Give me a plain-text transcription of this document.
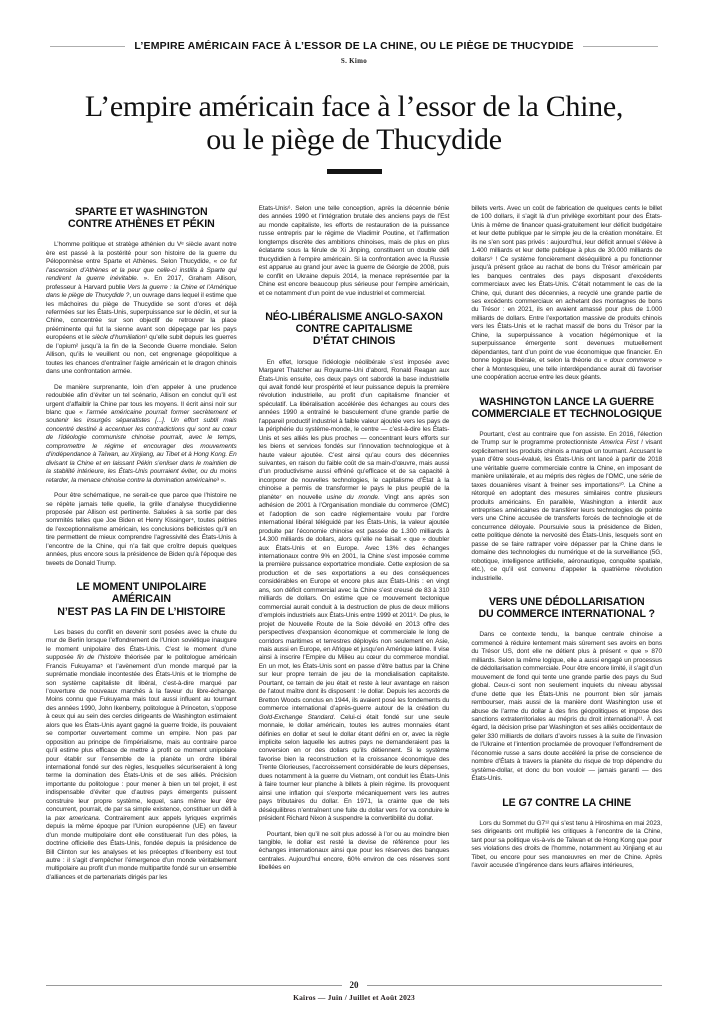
L’EMPIRE AMÉRICAIN FACE À L’ESSOR DE LA CHINE, OU LE PIÈGE DE THUCYDIDE
S. Kimo
L’empire américain face à l’essor de la Chine,
ou le piège de Thucydide
SPARTE ET WASHINGTON
CONTRE ATHÈNES ET PÉKIN

L’homme politique et stratège athénien du Vᵉ siècle avant notre ère est passé à la postérité pour son histoire de la guerre du Péloponnèse entre Sparte et Athènes. Selon Thucydide, « ce fut l’ascension d’Athènes et la peur que celle-ci instilla à Sparte qui rendirent la guerre inévitable. ». En 2017, Graham Allison, professeur à Harvard publie Vers la guerre : la Chine et l’Amérique dans le piège de Thucydide ?, un ouvrage dans lequel il estime que les mâchoires du piège de Thucydide se sont d’ores et déjà refermées sur les États-Unis, superpuissance sur le déclin, et sur la Chine, concentrée sur son objectif de retrouver la place prééminente qui fut la sienne avant son dépeçage par les pays européens et le siècle d’humiliation¹ qu’elle subit depuis les guerres de l’opium² jusqu’à la fin de la Seconde Guerre mondiale. Selon Allison, qu’ils le veuillent ou non, cet engrenage géopolitique a toutes les chances d’entraîner l’aigle américain et le dragon chinois dans une confrontation armée.

De manière surprenante, loin d’en appeler à une prudence redoublée afin d’éviter un tel scénario, Allison en conclut qu’il est urgent d’affaiblir la Chine par tous les moyens. Il écrit ainsi noir sur blanc que « l’armée américaine pourrait former secrètement et soutenir les insurgés séparatistes [...]. Un effort subtil mais concentré destiné à accentuer les contradictions qui sont au cœur de l’idéologie communiste chinoise pourrait, avec le temps, compromettre le régime et encourager des mouvements d’indépendance à Taïwan, au Xinjiang, au Tibet et à Hong Kong. En divisant la Chine et en laissant Pékin s’enliser dans le maintien de la stabilité intérieure, les États-Unis pourraient éviter, ou du moins retarder, la menace chinoise contre la domination américaine³ ».

Pour être schématique, ne serait-ce que parce que l’histoire ne se répète jamais telle quelle, la grille d’analyse thucydidienne proposée par Allison est pertinente. Saluées à sa sortie par des sommités telles que Joe Biden et Henry Kissinger⁴, toutes pétries de l’exceptionnalisme américain, les conclusions bellicistes qu’il en tire permettent de mieux comprendre l’agressivité des États-Unis à l’encontre de la Chine, qui n’a fait que croître depuis quelques années, plus encore sous la présidence de Biden qu’à l’époque des tweets de Donald Trump.

LE MOMENT UNIPOLAIRE AMÉRICAIN
N’EST PAS LA FIN DE L’HISTOIRE

Les bases du conflit en devenir sont posées avec la chute du mur de Berlin lorsque l’effondrement de l’Union soviétique inaugure le moment unipolaire des États-Unis. C’est le moment d’une supposée fin de l’histoire théorisée par le politologue américain Francis Fukuyama⁵ et l’avènement d’un monde marqué par la suprématie mondiale incontestée des États-Unis et le triomphe de son système capitaliste dit libéral, c’est-à-dire marqué par l’ouverture de nouveaux marchés à la faveur du libre-échange. Moins connu que Fukuyama mais tout aussi influent au tournant des années 1990, John Ikenberry, politologue à Princeton, s’oppose à ceux qui au sein des cercles dirigeants de Washington estimaient alors que les États-Unis ayant gagné la guerre froide, ils pouvaient se comporter ouvertement comme un empire. Non pas par opposition au principe de l’impérialisme, mais au contraire parce qu’il estime plus efficace de mettre à profit ce moment unipolaire pour établir sur l’ensemble de la planète un ordre libéral international fondé sur des règles, lesquelles sécuriseraient à long terme la domination des États-Unis et de ses alliés. Précision importante du politologue : pour mener à bien un tel projet, il est indispensable d’éviter que d’autres pays émergents puissent construire leur propre système, lequel, sans même leur être concurrent, pourrait, de par sa simple existence, constituer un défi à la pax americana. Contrairement aux appels lyriques exprimés depuis la même époque par l’Union européenne (UE) en faveur d’un monde multipolaire dont elle constituerait l’un des pôles, la doctrine officielle des États-Unis, fondée depuis la présidence de Bill Clinton sur les analyses et les préceptes d’Ikenberry est tout autre : il s’agit d’empêcher l’émergence d’un monde véritablement multipolaire au profit d’un monde multipartite fondé sur un ensemble d’alliances et de partenariats dirigés par les

États-Unis⁶. Selon une telle conception, après la décennie bénie des années 1990 et l’intégration brutale des anciens pays de l’Est au monde capitaliste, les efforts de restauration de la puissance russe entrepris par le régime de Vladimir Poutine, et l’affirmation longtemps discrète des ambitions chinoises, mais de plus en plus éclatante sous la férule de Xi Jinping, constituent un double défi thucydidien à l’empire américain. Si la confrontation avec la Russie est apparue au grand jour avec la guerre de Géorgie de 2008, puis le conflit en Ukraine depuis 2014, la menace représentée par la Chine est encore beaucoup plus sérieuse pour l’empire américain, et ce notamment d’un point de vue industriel et commercial.

NÉO-LIBÉRALISME ANGLO-SAXON
CONTRE CAPITALISME
D’ÉTAT CHINOIS

En effet, lorsque l’idéologie néolibérale s’est imposée avec Margaret Thatcher au Royaume-Uni d’abord, Ronald Reagan aux États-Unis ensuite, ces deux pays ont sabordé la base industrielle qui avait fondé leur prospérité et leur puissance depuis la première révolution industrielle, au profit d’un capitalisme financier et spéculatif. La libéralisation accélérée des échanges au cours des années 1990 a entraîné le basculement d’une grande partie de l’appareil productif industriel à faible valeur ajoutée vers les pays de la périphérie du système-monde, le centre — c’est-à-dire les États-Unis et ses alliés les plus proches — concentrant leurs efforts sur les biens et services fondés sur l’innovation technologique et à haute valeur ajoutée. C’est ainsi qu’au cours des décennies suivantes, en raison du faible coût de sa main-d’œuvre, mais aussi d’un productivisme aussi effréné qu’efficace et de sa capacité à incorporer de nouvelles technologies, le capitalisme d’État à la chinoise a permis de transformer le pays le plus peuplé de la planète⁷ en nouvelle usine du monde. Vingt ans après son adhésion de 2001 à l’Organisation mondiale du commerce (OMC) et l’adoption de son cadre réglementaire voulu par l’ordre international libéral téléguidé par les États-Unis, la valeur ajoutée produite par l’économie chinoise est passée de 1.300 milliards à 14.300 milliards de dollars, alors qu’elle ne faisait « que » doubler aux États-Unis et en Europe. Avec 13% des échanges internationaux contre 9% en 2001, la Chine s’est imposée comme la première puissance exportatrice mondiale. Cette explosion de sa production et de ses exportations a eu des conséquences considérables en Europe et encore plus aux États-Unis : en vingt ans, son déficit commercial avec la Chine s’est creusé de 83 à 310 milliards de dollars. On estime que ce mouvement tectonique commercial aurait conduit à la destruction de plus de deux millions d’emplois industriels aux États-Unis entre 1999 et 2011⁸. De plus, le projet de Nouvelle Route de la Soie dévoilé en 2013 offre des perspectives d’expansion économique et commerciale le long de corridors maritimes et terrestres déployés non seulement en Asie, mais aussi en Europe, en Afrique et jusqu’en Amérique latine. Il vise ainsi à inscrire l’Empire du Milieu au cœur du commerce mondial. En un mot, les États-Unis sont en passe d’être battus par la Chine sur leur propre terrain de jeu de la mondialisation capitaliste. Pourtant, ce terrain de jeu était et reste à leur avantage en raison de l’atout maître dont ils disposent : le dollar. Depuis les accords de Bretton Woods conclus en 1944, ils avaient posé les fondements du commerce international d’après-guerre autour de la création du Gold-Exchange Standard. Celui-ci était fondé sur une seule monnaie, le dollar américain, toutes les autres monnaies étant définies en dollar et seul le dollar étant défini en or, avec la règle implicite selon laquelle les autres pays ne demanderaient pas la conversion en or des dollars qu’ils détiennent. Si le système favorise bien la reconstruction et la croissance économique des Trente Glorieuses, l’accroissement considérable de leurs dépenses, dues notamment à la guerre du Vietnam, ont conduit les États-Unis à faire tourner leur planche à billets à plein régime. Ils provoquent ainsi une inflation qui s’exporte mécaniquement vers les autres pays tributaires du dollar. En 1971, la crainte que de tels déséquilibres n’entraînent une fuite du dollar vers l’or va conduire le président Richard Nixon à suspendre la convertibilité du dollar.

Pourtant, bien qu’il ne soit plus adossé à l’or ou au moindre bien tangible, le dollar est resté la devise de référence pour les échanges internationaux ainsi que pour les réserves des banques centrales. Aujourd’hui encore, 60% environ de ces réserves sont libellées en

billets verts. Avec un coût de fabrication de quelques cents le billet de 100 dollars, il s’agit là d’un privilège exorbitant pour des États-Unis à même de financer quasi-gratuitement leur déficit budgétaire et leur dette publique par le simple jeu de la création monétaire. Et ils ne s’en sont pas privés : aujourd’hui, leur déficit annuel s’élève à 1.400 milliards et leur dette publique à plus de 30.000 milliards de dollars⁹ ! Ce système foncièrement déséquilibré a pu fonctionner jusqu’à présent grâce au rachat de bons du Trésor américain par les banques centrales des pays disposant d’excédents commerciaux avec les États-Unis. C’était notamment le cas de la Chine, qui, durant des décennies, a recyclé une grande partie de ses excédents commerciaux en achetant des montagnes de bons du Trésor : en 2021, ils en avaient amassé pour plus de 1.000 milliards de dollars. Entre l’exportation massive de produits chinois vers les États-Unis et le rachat massif de bons du Trésor par la Chine, la superpuissance à vocation hégémonique et la superpuissance émergente sont devenues mutuellement dépendantes, tant d’un point de vue économique que financier. En bonne logique libérale, et selon la théorie du « doux commerce » cher à Montesquieu, une telle interdépendance aurait dû favoriser une coopération accrue entre les deux géants.

WASHINGTON LANCE LA GUERRE
COMMERCIALE ET TECHNOLOGIQUE

Pourtant, c’est au contraire que l’on assiste. En 2016, l’élection de Trump sur le programme protectionniste America First ! visant explicitement les produits chinois a marqué un tournant. Accusant le yuan d’être sous-évalué, les États-Unis ont lancé à partir de 2018 une véritable guerre commerciale contre la Chine, en imposant de manière unilatérale, et au mépris des règles de l’OMC, une série de taxes douanières visant à freiner ses importations¹⁰. La Chine a rétorqué en adoptant des mesures similaires contre plusieurs produits américains. En parallèle, Washington a interdit aux entreprises américaines de transférer leurs technologies de pointe vers une Chine accusée de transferts forcés de technologie et de concurrence déloyale. Poursuivie sous la présidence de Biden, cette politique dénote la nervosité des États-Unis, lesquels sont en passe de se faire rattraper voire dépasser par la Chine dans le domaine des technologies du numérique et de la surveillance (5G, robotique, intelligence artificielle, aéronautique, conquête spatiale, etc.), ce qu’il est convenu d’appeler la quatrième révolution industrielle.

VERS UNE DÉDOLLARISATION
DU COMMERCE INTERNATIONAL ?

Dans ce contexte tendu, la banque centrale chinoise a commencé à réduire lentement mais sûrement ses avoirs en bons du Trésor US, dont elle ne détient plus à présent « que » 870 milliards. Selon la même logique, elle a aussi engagé un processus de dédollarisation commerciale. Pour être encore limité, il s’agit d’un mouvement de fond qui tente une grande partie des pays du Sud global. Ceux-ci sont non seulement inquiets du niveau abyssal d’une dette que les États-Unis ne pourront bien sûr jamais rembourser, mais aussi de la manière dont Washington use et abuse de l’arme du dollar à des fins géopolitiques et impose des sanctions extraterritoriales au mépris du droit international¹¹. À cet égard, la décision prise par Washington et ses alliés occidentaux de geler 330 milliards de dollars d’avoirs russes à la suite de l’invasion de l’Ukraine et l’intention proclamée de provoquer l’effondrement de l’économie russe a sans doute accéléré la prise de conscience de nombre d’États à travers la planète du risque de trop dépendre du système-dollar, et donc du bon vouloir — jamais garanti — des États-Unis.

LE G7 CONTRE LA CHINE

Lors du Sommet du G7¹² qui s’est tenu à Hiroshima en mai 2023, ses dirigeants ont multiplié les critiques à l’encontre de la Chine, tant pour sa politique vis-à-vis de Taïwan et de Hong Kong que pour ses violations des droits de l’homme, notamment au Xinjiang et au Tibet, ou encore pour ses manœuvres en mer de Chine. Après l’avoir accusée d’ingérence dans leurs affaires intérieures,

20
Kairos — Juin / Juillet et Août 2023
